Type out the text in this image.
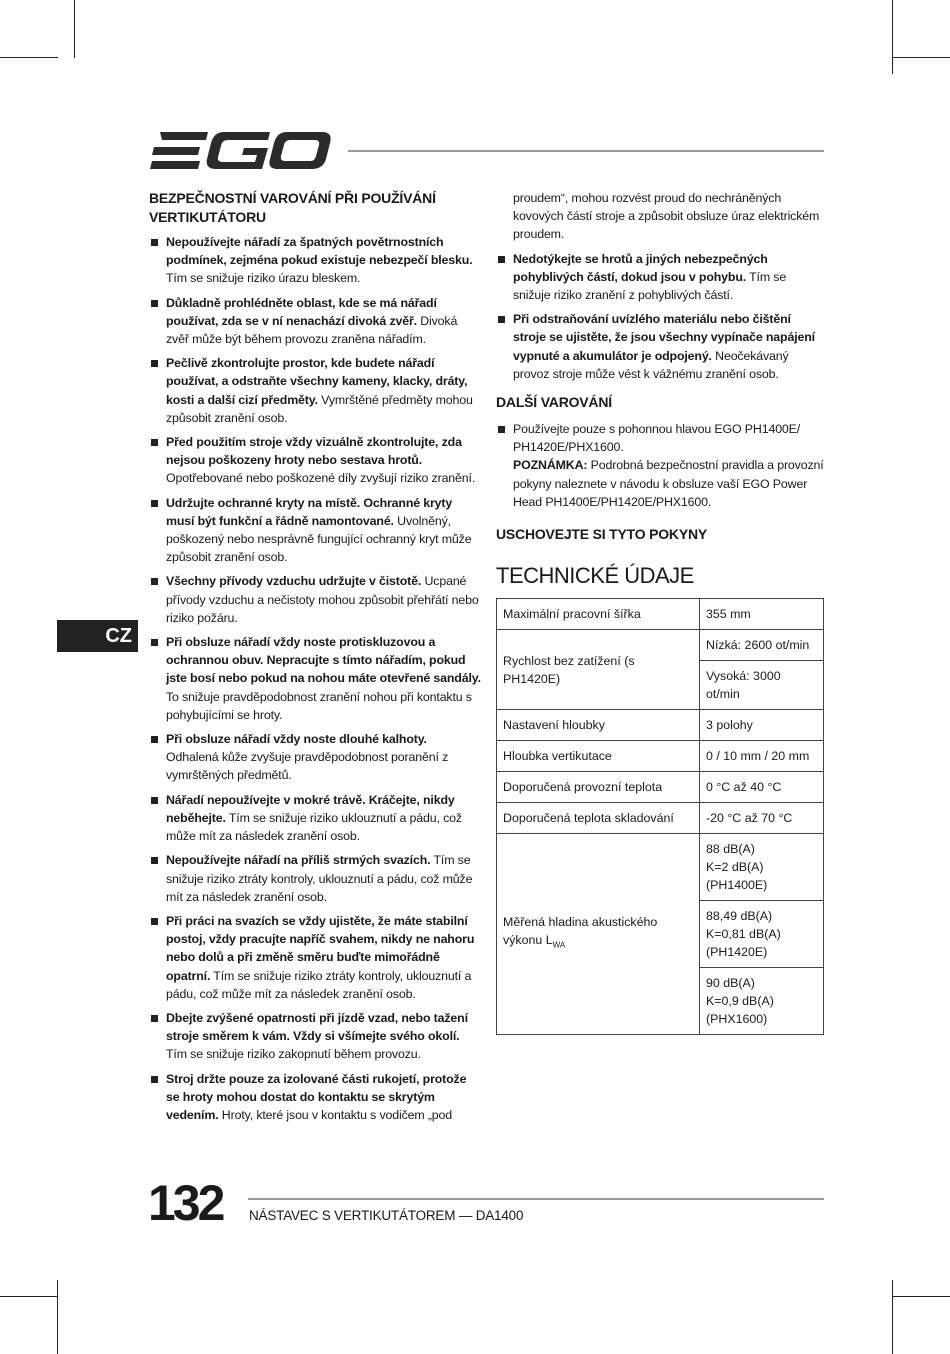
BEZPEČNOSTNÍ VAROVÁNÍ PŘI POUŽÍVÁNÍ VERTIKUTÁTORU
Nepoužívejte nářadí za špatných povětrnostních podmínek, zejména pokud existuje nebezpečí blesku. Tím se snižuje riziko úrazu bleskem.
Důkladně prohlédněte oblast, kde se má nářadí používat, zda se v ní nenachází divoká zvěř. Divoká zvěř může být během provozu zraněna nářadím.
Pečlivě zkontrolujte prostor, kde budete nářadí používat, a odstraňte všechny kameny, klacky, dráty, kosti a další cizí předměty. Vymrštěné předměty mohou způsobit zranění osob.
Před použitím stroje vždy vizuálně zkontrolujte, zda nejsou poškozeny hroty nebo sestava hrotů. Opotřebované nebo poškozené díly zvyšují riziko zranění.
Udržujte ochranné kryty na místě. Ochranné kryty musí být funkční a řádně namontované. Uvolněný, poškozený nebo nesprávně fungující ochranný kryt může způsobit zranění osob.
Všechny přívody vzduchu udržujte v čistotě. Ucpané přívody vzduchu a nečistoty mohou způsobit přehřátí nebo riziko požáru.
Při obsluze nářadí vždy noste protiskluzovou a ochrannou obuv. Nepracujte s tímto nářadím, pokud jste bosí nebo pokud na nohou máte otevřené sandály. To snižuje pravděpodobnost zranění nohou při kontaktu s pohybujícími se hroty.
Při obsluze nářadí vždy noste dlouhé kalhoty. Odhalená kůže zvyšuje pravděpodobnost poranění z vymrštěných předmětů.
Nářadí nepoužívejte v mokré trávě. Kráčejte, nikdy neběhejte. Tím se snižuje riziko uklouznutí a pádu, což může mít za následek zranění osob.
Nepoužívejte nářadí na příliš strmých svazích. Tím se snižuje riziko ztráty kontroly, uklouznutí a pádu, což může mít za následek zranění osob.
Při práci na svazích se vždy ujistěte, že máte stabilní postoj, vždy pracujte napříč svahem, nikdy ne nahoru nebo dolů a při změně směru buďte mimořádně opatrní. Tím se snižuje riziko ztráty kontroly, uklouznutí a pádu, což může mít za následek zranění osob.
Dbejte zvýšené opatrnosti při jízdě vzad, nebo tažení stroje směrem k vám. Vždy si všímejte svého okolí. Tím se snižuje riziko zakopnutí během provozu.
Stroj držte pouze za izolované části rukojetí, protože se hroty mohou dostat do kontaktu se skrytým vedením. Hroty, které jsou v kontaktu s vodičem „pod

proudem“, mohou rozvést proud do nechráněných kovových částí stroje a způsobit obsluze úraz elektrickém proudem.

Nedotýkejte se hrotů a jiných nebezpečných pohyblivých částí, dokud jsou v pohybu. Tím se snižuje riziko zranění z pohyblivých částí.
Při odstraňování uvízlého materiálu nebo čištění stroje se ujistěte, že jsou všechny vypínače napájení vypnuté a akumulátor je odpojený. Neočekávaný provoz stroje může vést k vážnému zranění osob.
DALŠÍ VAROVÁNÍ
Používejte pouze s pohonnou hlavou EGO PH1400E/ PH1420E/PHX1600.
POZNÁMKA: Podrobná bezpečnostní pravidla a provozní pokyny naleznete v návodu k obsluze vaší EGO Power Head PH1400E/PH1420E/PHX1600.
USCHOVEJTE SI TYTO POKYNY
TECHNICKÉ ÚDAJE
Maximální pracovní šířka	355 mm
Rychlost bez zatížení (s PH1420E)	Nízká: 2600 ot/min
	Vysoká: 3000 ot/min
Nastavení hloubky	3 polohy
Hloubka vertikutace	0 / 10 mm / 20 mm
Doporučená provozní teplota	0 °C až 40 °C
Doporučená teplota skladování	-20 °C až 70 °C
Měřená hladina akustického výkonu $L_{WA}$	88 dB(A)
K=2 dB(A)
(PH1400E)
	88,49 dB(A)
K=0,81 dB(A)
(PH1420E)
	90 dB(A)
K=0,9 dB(A)
(PHX1600)
CZ
132 NÁSTAVEC S VERTIKUTÁTOREM — DA1400
